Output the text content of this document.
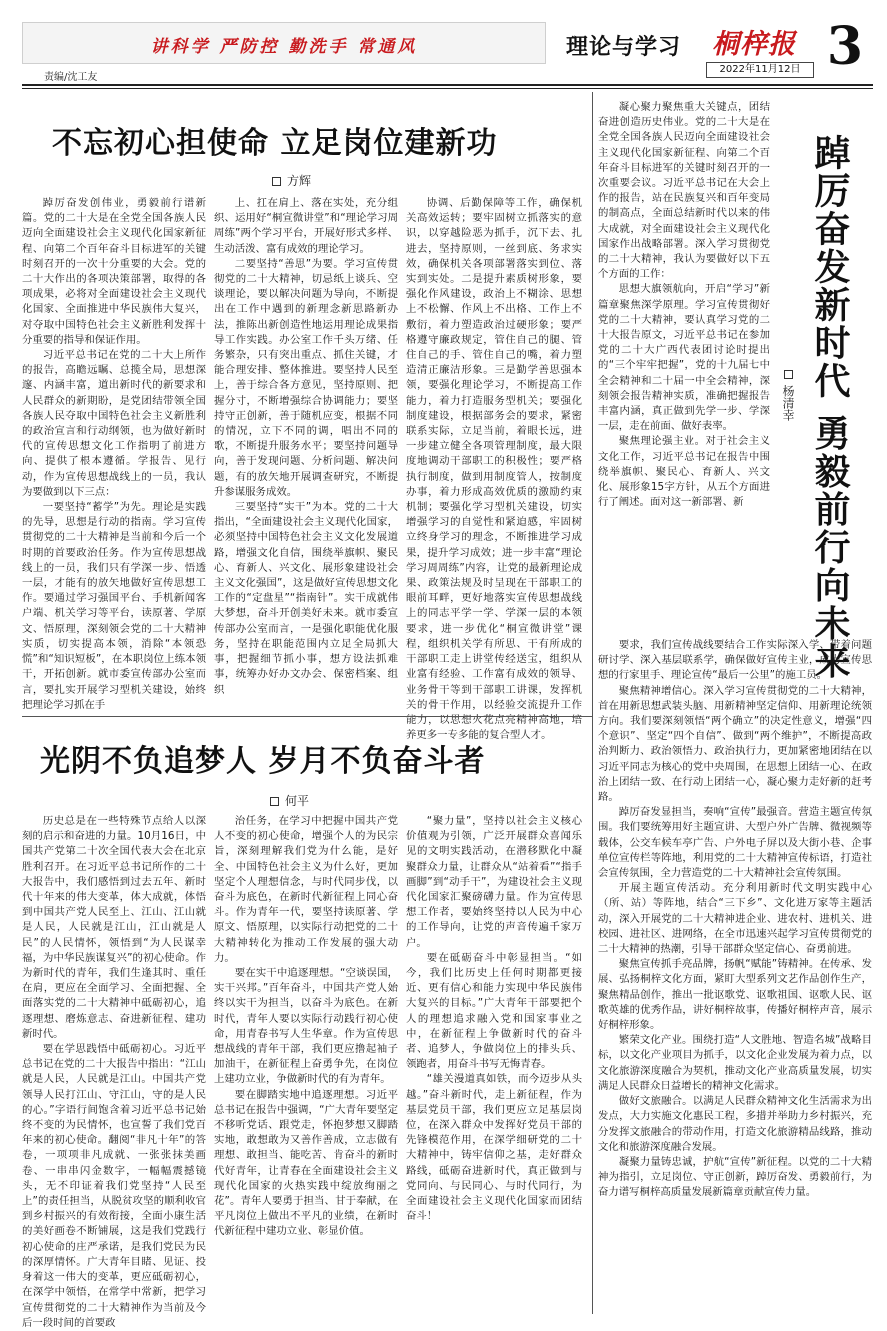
讲科学 严防控 勤洗手 常通风
责编/沈工友
理论与学习 桐梓报
2022年11月12日 3
不忘初心担使命 立足岗位建新功
方辉

踔厉奋发创伟业，勇毅前行谱新篇。党的二十大是在全党全国各族人民迈向全面建设社会主义现代化国家新征程、向第二个百年奋斗目标进军的关键时刻召开的一次十分重要的大会。党的二十大作出的各项决策部署，取得的各项成果，必将对全面建设社会主义现代化国家、全面推进中华民族伟大复兴，对夺取中国特色社会主义新胜利发挥十分重要的指导和保证作用。

习近平总书记在党的二十大上所作的报告，高瞻远瞩、总揽全局，思想深邃、内涵丰富，道出新时代的新要求和人民群众的新期盼，是党团结带领全国各族人民夺取中国特色社会主义新胜利的政治宣言和行动纲领，也为做好新时代的宣传思想文化工作指明了前进方向、提供了根本遵循。学报告、见行动，作为宣传思想战线上的一员，我认为要做到以下三点：

一要坚持“蓄学”为先。理论是实践的先导，思想是行动的指南。学习宣传贯彻党的二十大精神是当前和今后一个时期的首要政治任务。作为宣传思想战线上的一员，我们只有学深一步、悟透一层，才能有的放矢地做好宣传思想工作。要通过学习强国平台、手机新闻客户端、机关学习等平台，读原著、学原文、悟原理，深刻领会党的二十大精神实质，切实提高本领，消除“本领恐慌”和“知识短板”，在本职岗位上练本领干，开拓创新。就市委宣传部办公室而言，要扎实开展学习型机关建设，始终把理论学习抓在手

上、扛在肩上、落在实处，充分组织、运用好“桐宣微讲堂”和“理论学习周周练”两个学习平台，开展好形式多样、生动活泼、富有成效的理论学习。

二要坚持“善思”为要。学习宣传贯彻党的二十大精神，切忌纸上谈兵、空谈理论，要以解决问题为导向，不断提出在工作中遇到的新理念新思路新办法，推陈出新创造性地运用理论成果指导工作实践。办公室工作千头万绪、任务繁杂，只有突出重点、抓住关键，才能合理安排、整体推进。要坚持人民至上，善于综合各方意见，坚持原则、把握分寸，不断增强综合协调能力；要坚持守正创新，善于随机应变，根据不同的情况，立下不同的调，唱出不同的歌，不断提升服务水平；要坚持问题导向，善于发现问题、分析问题、解决问题，有的放矢地开展调查研究，不断提升参谋服务成效。

三要坚持“实干”为本。党的二十大指出，“全面建设社会主义现代化国家，必须坚持中国特色社会主义文化发展道路，增强文化自信，围绕举旗帜、聚民心、育新人、兴文化、展形象建设社会主义文化强国”，这是做好宣传思想文化工作的“定盘星”“指南针”。实干成就伟大梦想，奋斗开创美好未来。就市委宣传部办公室而言，一是强化职能优化服务，坚持在职能范围内立足全局抓大事，把握细节抓小事，想方设法抓难事，统筹办好办文办会、保密档案、组织

协调、后勤保障等工作，确保机关高效运转；要牢固树立抓落实的意识，以穿越险恶为抓手，沉下去、扎进去，坚持原则，一丝到底、务求实效，确保机关各项部署落实到位、落实到实处。二是提升素质树形象，要强化作风建设，政治上不糊涂、思想上不松懈、作风上不出格、工作上不敷衍，着力塑造政治过硬形象；要严格遵守廉政规定，管住自己的腿、管住自己的手、管住自己的嘴，着力塑造清正廉洁形象。三是勤学善思强本领，要强化理论学习，不断提高工作能力，着力打造服务型机关；要强化制度建设，根据部务会的要求，紧密联系实际，立足当前，着眼长远，进一步建立健全各项管理制度，最大限度地调动干部职工的积极性；要严格执行制度，做到用制度管人，按制度办事，着力形成高效优质的激励约束机制；要强化学习型机关建设，切实增强学习的自觉性和紧迫感，牢固树立终身学习的理念，不断推进学习成果，提升学习成效；进一步丰富“理论学习周周练”内容，让党的最新理论成果、政策法规及时呈现在干部职工的眼前耳畔，更好地落实宣传思想战线上的同志平学一学、学深一层的本领要求，进一步优化“桐宣微讲堂”课程，组织机关学有所思、干有所成的干部职工走上讲堂传经送宝，组织从业富有经验、工作富有成效的领导、业务骨干等到干部职工讲课，发挥机关的骨干作用，以经验交流提升工作能力，以思想火花点亮精神高地，培养更多一专多能的复合型人才。

光阴不负追梦人 岁月不负奋斗者
何平

历史总是在一些特殊节点给人以深刻的启示和奋进的力量。10月16日，中国共产党第二十次全国代表大会在北京胜利召开。在习近平总书记所作的二十大报告中，我们感悟到过去五年、新时代十年来的伟大变革，体大成就，体悟到中国共产党人民至上、江山、江山就是人民，人民就是江山，江山就是人民”的人民情怀，领悟到“为人民谋幸福，为中华民族谋复兴”的初心使命。作为新时代的青年，我们生逢其时、重任在肩，更应在全面学习、全面把握、全面落实党的二十大精神中砥砺初心，追逐理想、磨炼意志、奋进新征程、建功新时代。

要在学思践悟中砥砺初心。习近平总书记在党的二十大报告中指出：“江山就是人民，人民就是江山。中国共产党领导人民打江山、守江山，守的是人民的心。”字语行间饱含着习近平总书记始终不变的为民情怀，也宣誓了我们党百年来的初心使命。翻阅“非凡十年”的答卷，一项项非凡成就、一张张抹美画卷、一串串闪金数字，一幅幅震撼镜头，无不印证着我们党坚持“人民至上”的责任担当，从脱贫攻坚的顺利收官到乡村振兴的有效衔接，全面小康生活的美好画卷不断铺展，这是我们党践行初心使命的庄严承诺，是我们党民为民的深厚情怀。广大青年目睹、见证、投身着这一伟大的变革，更应砥砺初心，在深学中领悟，在常学中常新，把学习宣传贯彻党的二十大精神作为当前及今后一段时间的首要政

治任务，在学习中把握中国共产党人不变的初心使命，增强个人的为民宗旨，深刻理解我们党为什么能，是好全、中国特色社会主义为什么好，更加坚定个人理想信念，与时代同步伐，以奋斗为底色，在新时代新征程上同心奋斗。作为青年一代，要坚持读原著、学原文、悟原理，以实际行动把党的二十大精神转化为推动工作发展的强大动力。

要在实干中追逐理想。“空谈误国，实干兴邦。”百年奋斗，中国共产党人始终以实干为担当，以奋斗为底色。在新时代，青年人要以实际行动践行初心使命，用青春书写人生华章。作为宣传思想战线的青年干部，我们更应撸起袖子加油干，在新征程上奋勇争先，在岗位上建功立业，争做新时代的有为青年。

要在脚踏实地中追逐理想。习近平总书记在报告中强调，“广大青年要坚定不移听党话、跟党走，怀抱梦想又脚踏实地，敢想敢为又善作善成，立志做有理想、敢担当、能吃苦、肯奋斗的新时代好青年，让青春在全面建设社会主义现代化国家的火热实践中绽放绚丽之花”。青年人要勇于担当、甘于奉献，在平凡岗位上做出不平凡的业绩，在新时代新征程中建功立业、彰显价值。

“聚力量”，坚持以社会主义核心价值观为引领，广泛开展群众喜闻乐见的文明实践活动，在潜移默化中凝聚群众力量，让群众从“站着看”“指手画脚”到“动手干”，为建设社会主义现代化国家汇聚磅礴力量。作为宣传思想工作者，要始终坚持以人民为中心的工作导向，让党的声音传遍千家万户。

要在砥砺奋斗中彰显担当。“如今，我们比历史上任何时期都更接近、更有信心和能力实现中华民族伟大复兴的目标。”广大青年干部要把个人的理想追求融入党和国家事业之中，在新征程上争做新时代的奋斗者、追梦人，争做岗位上的排头兵、领跑者，用奋斗书写无悔青春。

“雄关漫道真如铁，而今迈步从头越。”奋斗新时代，走上新征程，作为基层党员干部，我们更应立足基层岗位，在深入群众中发挥好党员干部的先锋模范作用，在深学细研党的二十大精神中，铸牢信仰之基，走好群众路线，砥砺奋进新时代，真正做到与党同向、与民同心、与时代同行，为全面建设社会主义现代化国家而团结奋斗！

凝心聚力聚焦重大关键点，团结奋进创造历史伟业。党的二十大是在全党全国各族人民迈向全面建设社会主义现代化国家新征程、向第二个百年奋斗目标进军的关键时刻召开的一次重要会议。习近平总书记在大会上作的报告，站在民族复兴和百年变局的制高点，全面总结新时代以来的伟大成就，对全面建设社会主义现代化国家作出战略部署。深入学习贯彻党的二十大精神，我认为要做好以下五个方面的工作：

思想大旗领航向，开启“学习”新篇章聚焦深学原理。学习宣传贯彻好党的二十大精神，要认真学习党的二十大报告原文，习近平总书记在参加党的二十大广西代表团讨论时提出的“三个牢牢把握”，党的十九届七中全会精神和二十届一中全会精神，深刻领会报告精神实质，准确把握报告丰富内涵，真正做到先学一步、学深一层，走在前面、做好表率。

聚焦理论强主业。对于社会主义文化工作，习近平总书记在报告中围绕举旗帜、聚民心、育新人、兴文化、展形象15字方针，从五个方面进行了阐述。面对这一新部署、新	踔厉奋发新时代 勇毅前行向未来
杨清幸

要求，我们宣传战线要结合工作实际深入学、带着问题研讨学、深入基层联系学，确保做好宣传主业，成为宣传思想的行家里手、理论宣传“最后一公里”的施工员。

聚焦精神增信心。深入学习宣传贯彻党的二十大精神，首在用新思想武装头脑、用新精神坚定信仰、用新理论统领方向。我们要深刻领悟“两个确立”的决定性意义，增强“四个意识”、坚定“四个自信”、做到“两个维护”，不断提高政治判断力、政治领悟力、政治执行力，更加紧密地团结在以习近平同志为核心的党中央周围，在思想上团结一心、在政治上团结一致、在行动上团结一心，凝心聚力走好新的赶考路。

踔厉奋发显担当，奏响“宣传”最强音。营造主题宣传氛围。我们要统筹用好主题宣讲、大型户外广告牌、微视频等载体，公交车候车亭广告、户外电子屏以及大街小巷、企事单位宣传栏等阵地，利用党的二十大精神宣传标语，打造社会宣传氛围，全力营造党的二十大精神社会宣传氛围。

开展主题宣传活动。充分利用新时代文明实践中心（所、站）等阵地，结合“三下乡”、文化进万家等主题活动，深入开展党的二十大精神进企业、进农村、进机关、进校园、进社区、进网络，在全市迅速兴起学习宣传贯彻党的二十大精神的热潮，引导干部群众坚定信心、奋勇前进。

聚焦宣传抓手亮品牌，扬帆“赋能”铸精神。在传承、发展、弘扬桐梓文化方面，紧盯大型系列文艺作品创作生产，聚焦精品创作，推出一批讴歌党、讴歌祖国、讴歌人民、讴歌英雄的优秀作品，讲好桐梓故事，传播好桐梓声音，展示好桐梓形象。

繁荣文化产业。围绕打造“人文胜地、智造名城”战略目标，以文化产业项目为抓手，以文化企业发展为着力点，以文化旅游深度融合为契机，推动文化产业高质量发展，切实满足人民群众日益增长的精神文化需求。

做好文旅融合。以满足人民群众精神文化生活需求为出发点，大力实施文化惠民工程，多措并举助力乡村振兴，充分发挥文旅融合的带动作用，打造文化旅游精品线路，推动文化和旅游深度融合发展。

凝聚力量铸忠诚，护航“宣传”新征程。以党的二十大精神为指引，立足岗位、守正创新，踔厉奋发、勇毅前行，为奋力谱写桐梓高质量发展新篇章贡献宣传力量。
